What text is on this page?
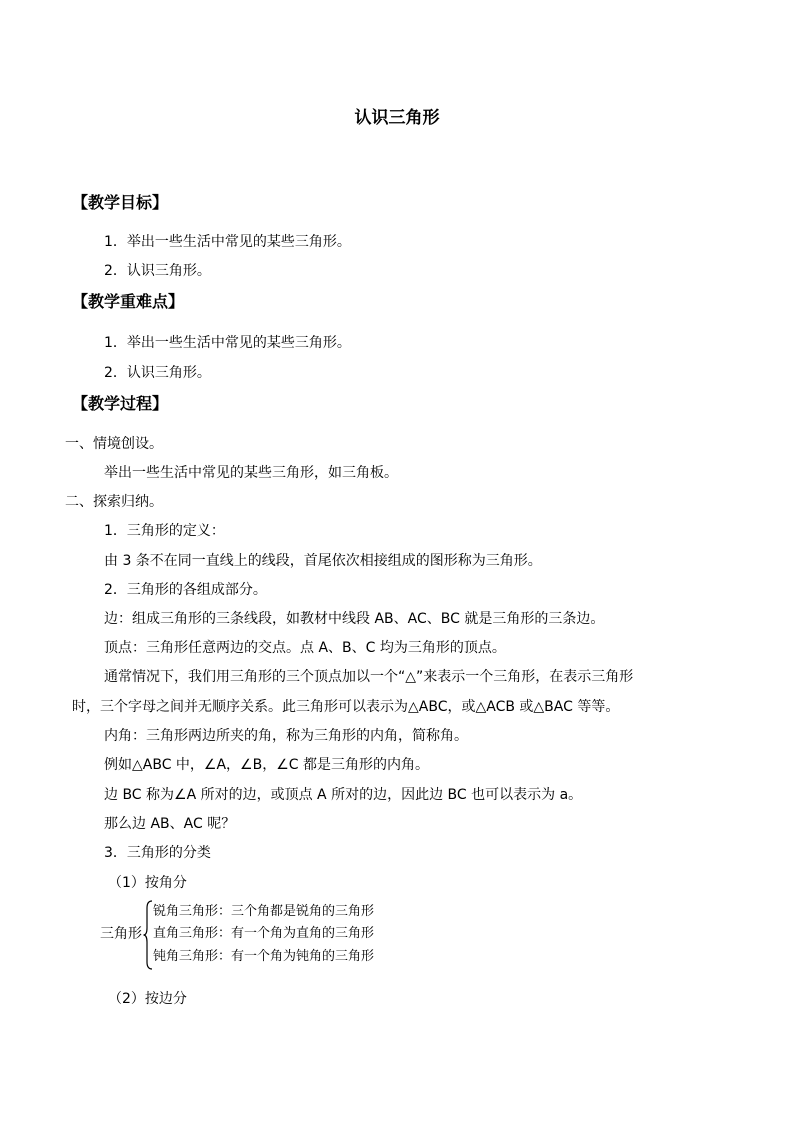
认识三角形
【教学目标】
1．举出一些生活中常见的某些三角形。
2．认识三角形。
【教学重难点】
1．举出一些生活中常见的某些三角形。
2．认识三角形。
【教学过程】
一、情境创设。
举出一些生活中常见的某些三角形，如三角板。
二、探索归纳。
1．三角形的定义：
由 3 条不在同一直线上的线段，首尾依次相接组成的图形称为三角形。
2．三角形的各组成部分。
边：组成三角形的三条线段，如教材中线段 AB、AC、BC 就是三角形的三条边。
顶点：三角形任意两边的交点。点 A、B、C 均为三角形的顶点。
通常情况下，我们用三角形的三个顶点加以一个“△”来表示一个三角形，在表示三角形
时，三个字母之间并无顺序关系。此三角形可以表示为△ABC，或△ACB 或△BAC 等等。
内角：三角形两边所夹的角，称为三角形的内角，简称角。
例如△ABC 中，∠A，∠B，∠C 都是三角形的内角。
边 BC 称为∠A 所对的边，或顶点 A 所对的边，因此边 BC 也可以表示为 a。
那么边 AB、AC 呢？
3．三角形的分类
（1）按角分
三角形
锐角三角形：三个角都是锐角的三角形
直角三角形：有一个角为直角的三角形
钝角三角形：有一个角为钝角的三角形
（2）按边分
